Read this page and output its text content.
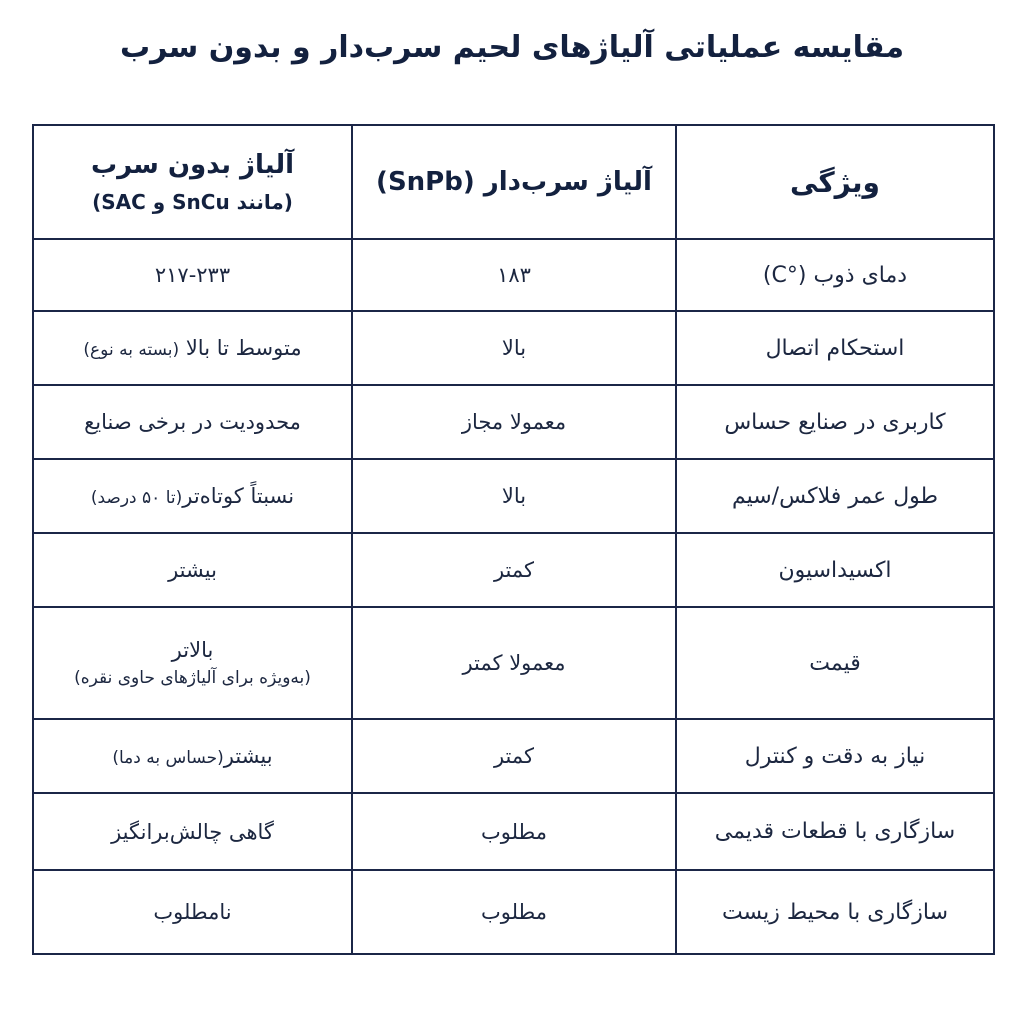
مقایسه عملیاتی آلیاژهای لحیم سرب‌دار و بدون سرب
ویژگی	آلیاژ سرب‌دار (SnPb)	آلیاژ بدون سرب
(مانند SnCu و SAC)

دمای ذوب (°C)	۱۸۳	۲۱۷-۲۳۳
استحکام اتصال	بالا	متوسط تا بالا (بسته به نوع)
کاربری در صنایع حساس	معمولا مجاز	محدودیت در برخی صنایع
طول عمر فلاکس/سیم	بالا	نسبتاً کوتاه‌تر(تا ۵۰ درصد)
اکسیداسیون	کمتر	بیشتر
قیمت	معمولا کمتر	بالاتر
(به‌ویژه برای آلیاژهای حاوی نقره)

نیاز به دقت و کنترل	کمتر	بیشتر(حساس به دما)
سازگاری با قطعات قدیمی	مطلوب	گاهی چالش‌برانگیز
سازگاری با محیط زیست	مطلوب	نامطلوب
